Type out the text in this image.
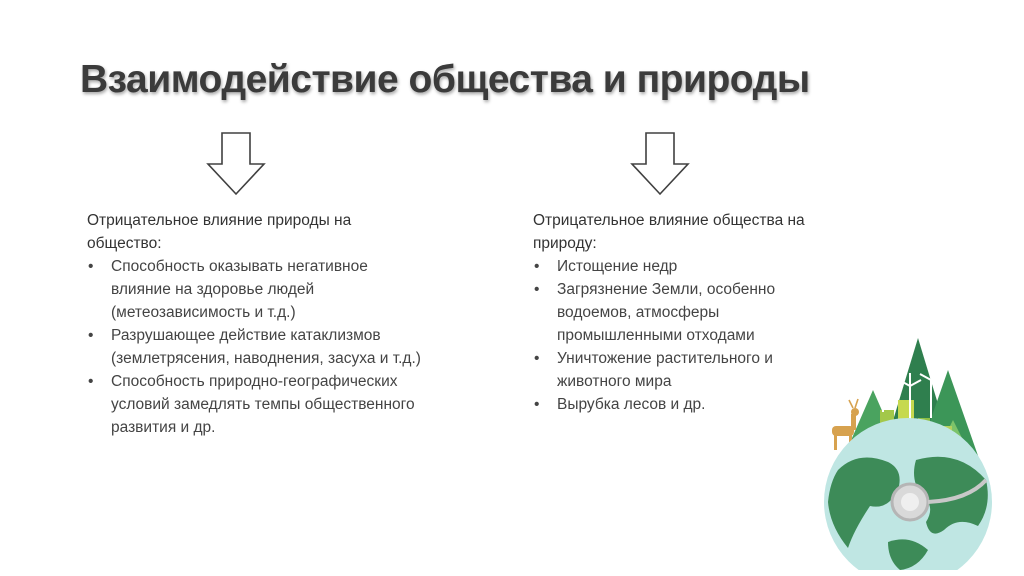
Взаимодействие общества и природы
Отрицательное влияние природы на общество:
• Способность оказывать негативное влияние на здоровье людей (метеозависимость и т.д.)
• Разрушающее действие катаклизмов (землетрясения, наводнения, засуха и т.д.)
• Способность природно-географических условий замедлять темпы общественного развития и др.
Отрицательное влияние общества на природу:
• Истощение недр
• Загрязнение Земли, особенно водоемов, атмосферы промышленными отходами
• Уничтожение растительного и животного мира
• Вырубка лесов и др.
